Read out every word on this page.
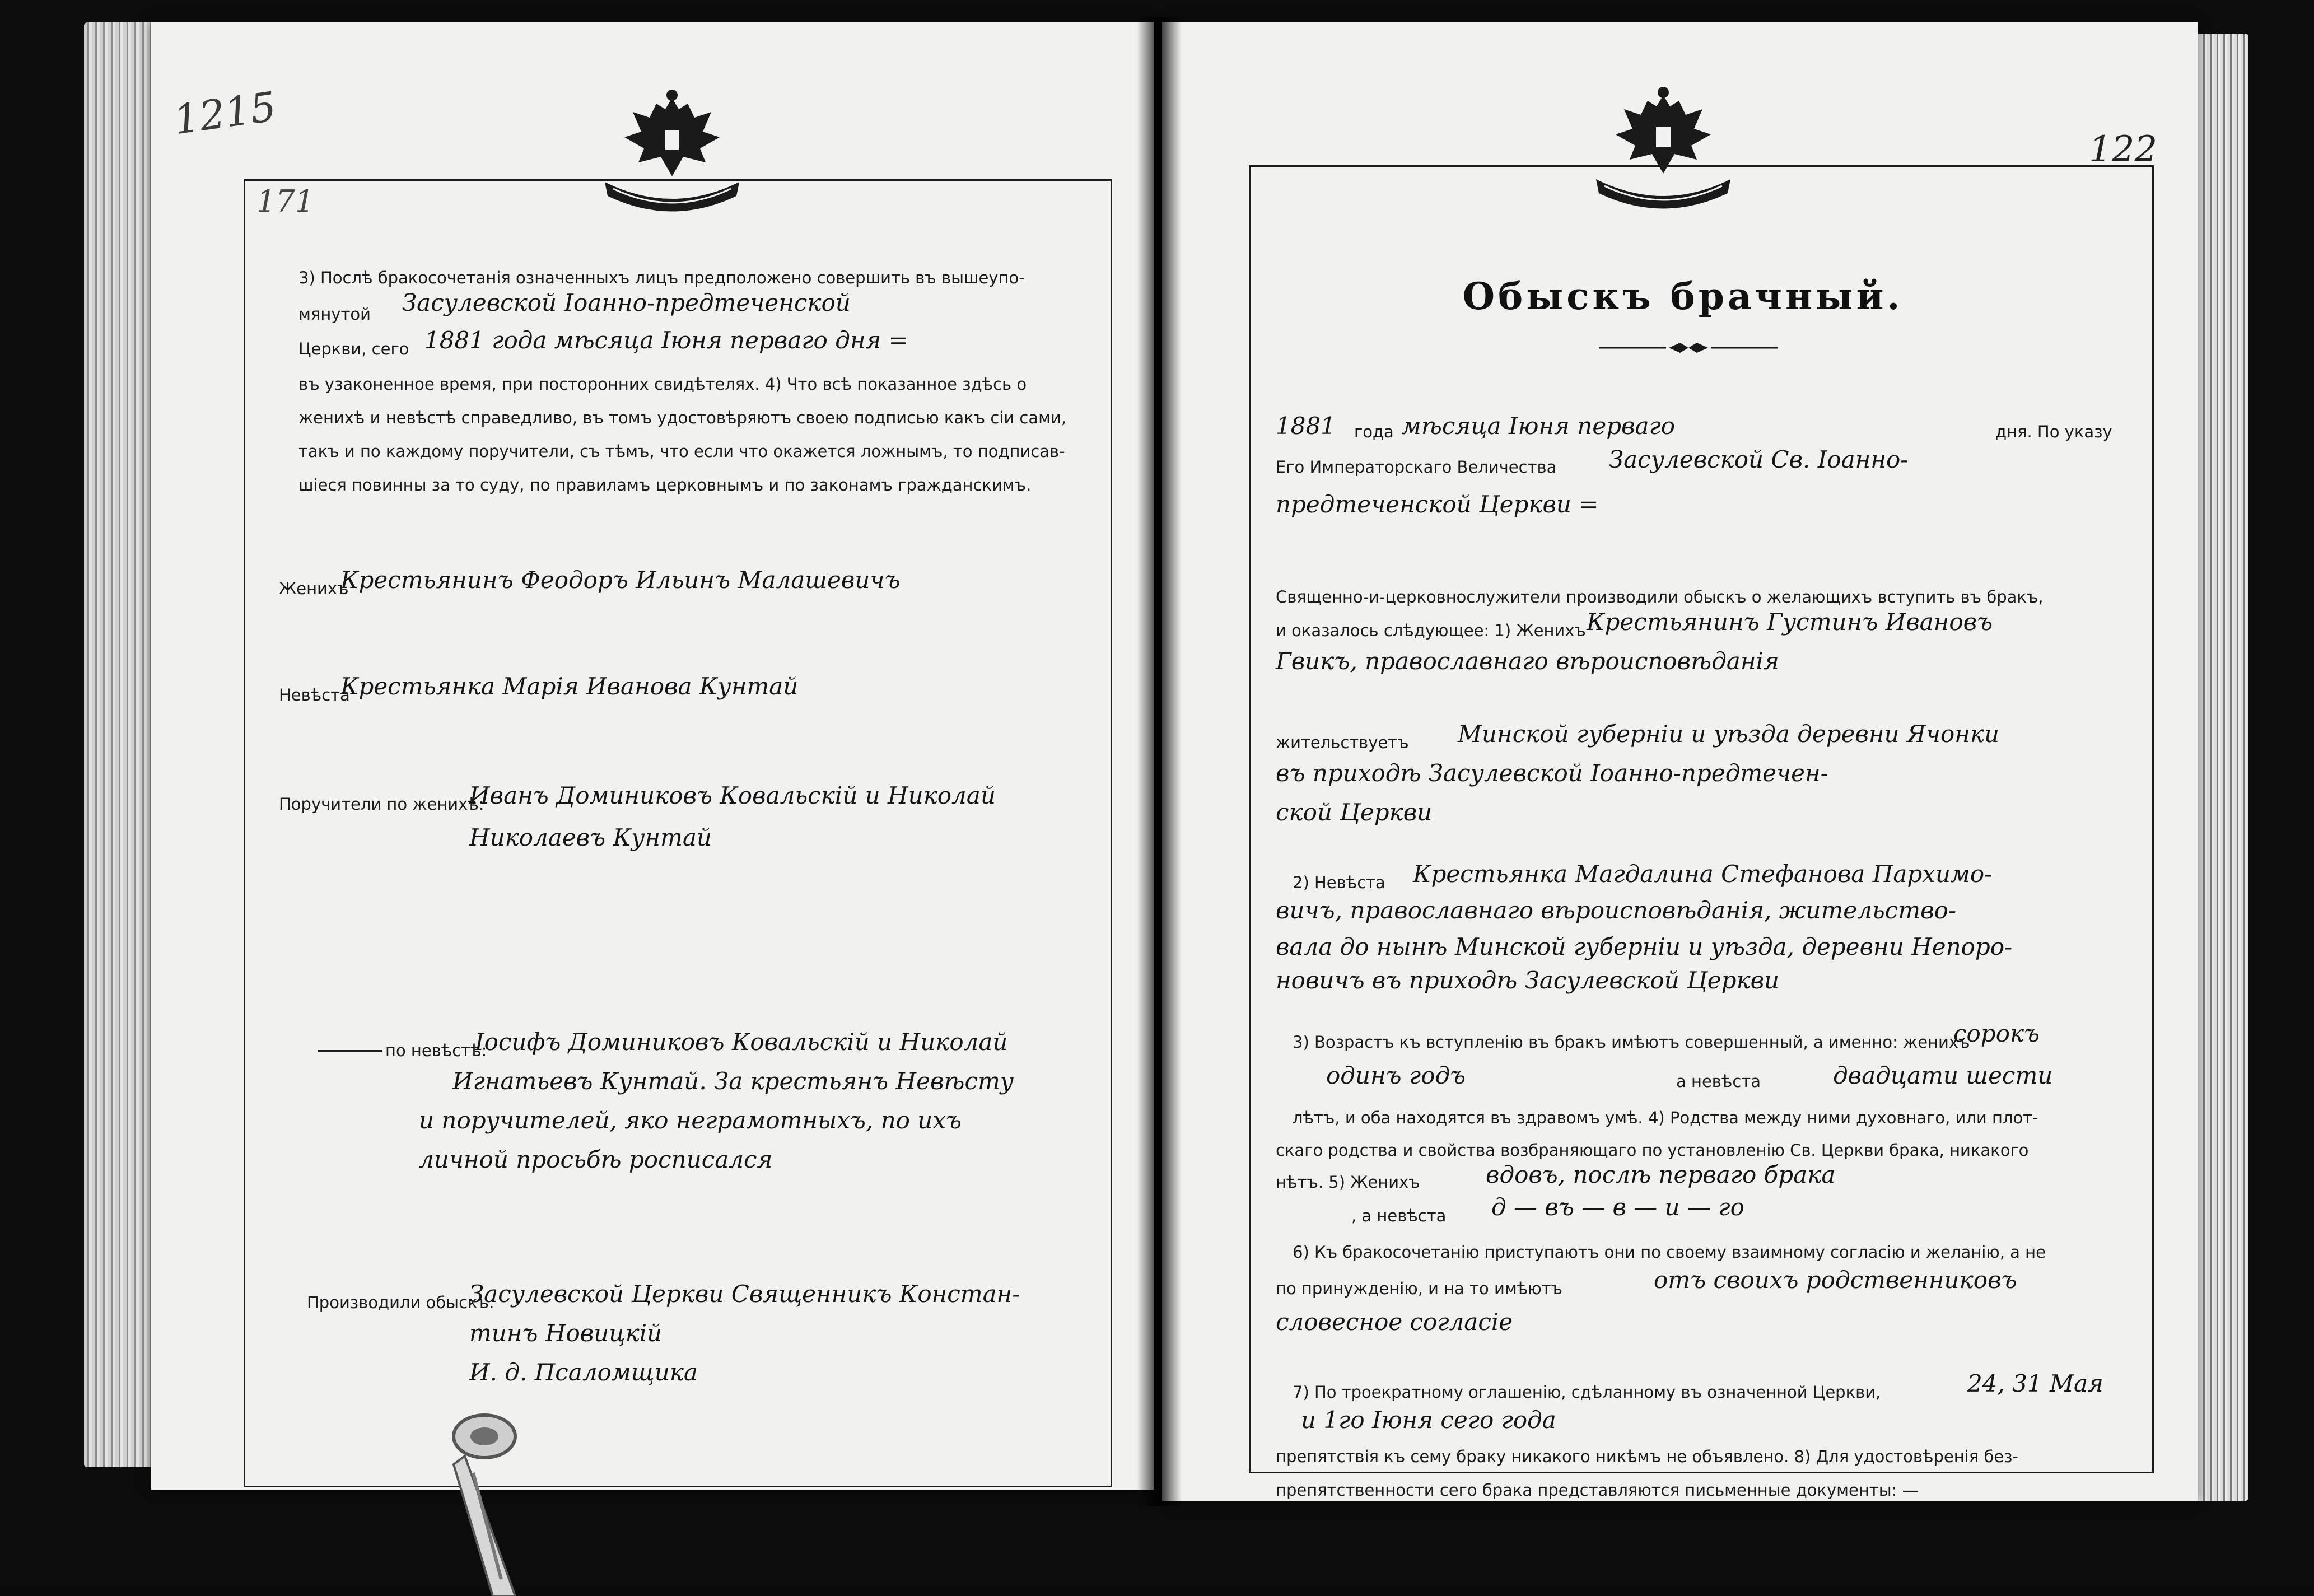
1215
171
3) Послѣ бракосочетанія означенныхъ лицъ предположено совершить въ вышеупо-
мянутой Засулевской Іоанно-предтеченской
Церкви, сего 1881 года мѣсяца Іюня перваго дня =
въ узаконенное время, при посторонних свидѣтелях. 4) Что всѣ показанное здѣсь о
женихѣ и невѣстѣ справедливо, въ томъ удостовѣряютъ своею подписью какъ сіи сами,
такъ и по каждому поручители, съ тѣмъ, что если что окажется ложнымъ, то подписав-
шіеся повинны за то суду, по правиламъ церковнымъ и по законамъ гражданскимъ.
Женихъ
Крестьянинъ Феодоръ Ильинъ Малашевичъ
Невѣста
Крестьянка Марія Иванова Кунтай
Поручители по женихѣ:
Иванъ Доминиковъ Ковальскій и Николай
Николаевъ Кунтай
по невѣстѣ:
Іосифъ Доминиковъ Ковальскій и Николай
Игнатьевъ Кунтай. За крестьянъ Невѣсту
и поручителей, яко неграмотныхъ, по ихъ
личной просьбѣ росписался
Производили обыскъ:
Засулевской Церкви Священникъ Констан-
тинъ Новицкій
И. д. Псаломщика
122
Обыскъ брачный.
1881 года мѣсяца Іюня перваго	дня. По указу
Его Императорскаго Величества Засулевской Св. Іоанно-
предтеченской Церкви =
Священно-и-церковнослужители производили обыскъ о желающихъ вступить въ бракъ,
и оказалось слѣдующее: 1) Женихъ Крестьянинъ Густинъ Ивановъ
Гвикъ, православнаго вѣроисповѣданія
жительствуетъ Минской губерніи и уѣзда деревни Ячонки
въ приходѣ Засулевской Іоанно-предтечен-
ской Церкви
2) Невѣста Крестьянка Магдалина Стефанова Пархимо-
вичъ, православнаго вѣроисповѣданія, жительство-
вала до нынѣ Минской губерніи и уѣзда, деревни Непоро-
новичъ въ приходѣ Засулевской Церкви
3) Возрастъ къ вступленію въ бракъ имѣютъ совершенный, а именно: женихъ
сорокъ
одинъ годъ	а невѣста	двадцати шести
лѣтъ, и оба находятся въ здравомъ умѣ. 4) Родства между ними духовнаго, или плот-
скаго родства и свойства возбраняющаго по установленію Св. Церкви брака, никакого
нѣтъ. 5) Женихъ	вдовъ, послѣ перваго брака
, а невѣста д — въ — в — и — го
6) Къ бракосочетанію приступаютъ они по своему взаимному согласію и желанію, а не
по принужденію, и на то имѣютъ	отъ своихъ родственниковъ
словесное согласіе
7) По троекратному оглашенію, сдѣланному въ означенной Церкви,	24, 31 Мая
и 1го Іюня сего года
препятствія къ сему браку никакого никѣмъ не объявлено. 8) Для удостовѣренія без-
препятственности сего брака представляются письменные документы: —
